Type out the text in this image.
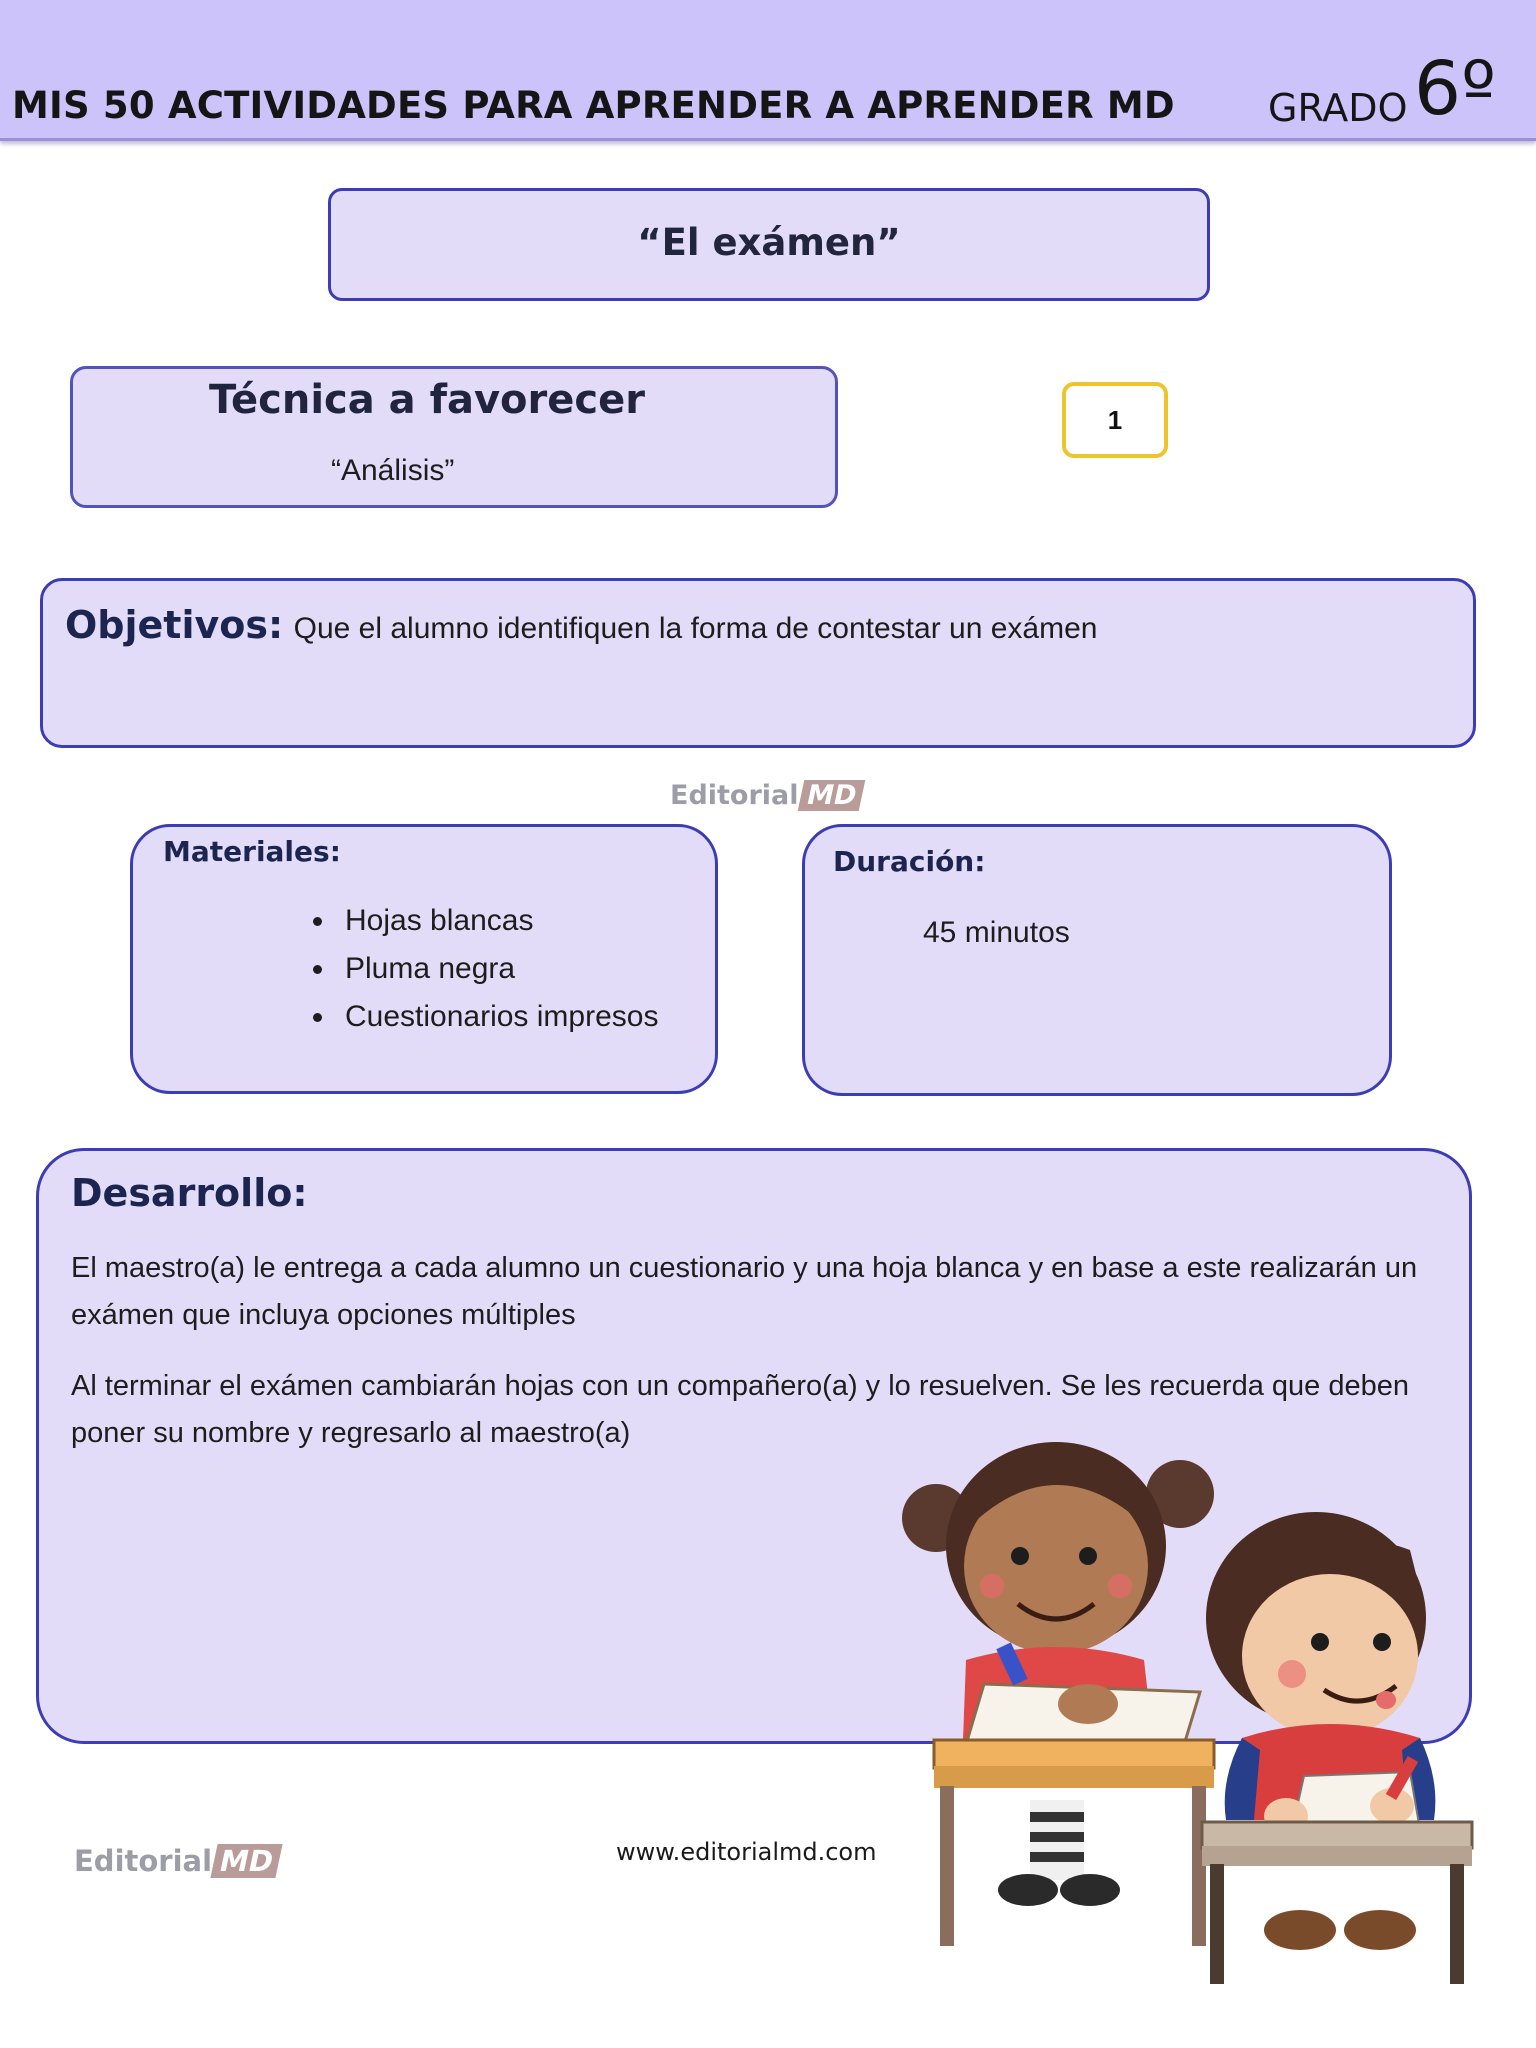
MIS 50 ACTIVIDADES PARA APRENDER A APRENDER MD GRADO 6º
“El exámen”
Técnica a favorecer
“Análisis”
1
Objetivos: Que el alumno identifiquen la forma de contestar un exámen
Editorial MD
Materiales:
• Hojas blancas
• Pluma negra
• Cuestionarios impresos
Duración:
45 minutos
Desarrollo:

El maestro(a) le entrega a cada alumno un cuestionario y una hoja blanca y en base a este realizarán un exámen que incluya opciones múltiples

Al terminar el exámen cambiarán hojas con un compañero(a) y lo resuelven. Se les recuerda que deben poner su nombre y regresarlo al maestro(a)

Editorial MD	www.editorialmd.com
